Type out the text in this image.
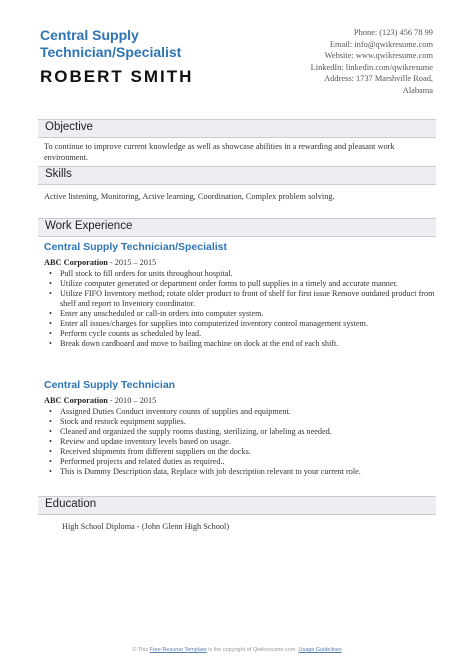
Central Supply
Technician/Specialist
ROBERT SMITH
Phone: (123) 456 78 99
Email: info@qwikresume.com
Website: www.qwikresume.com
LinkedIn: linkedin.com/qwikresume
Address: 1737 Marshville Road,
Alabama
Objective
To continue to improve current knowledge as well as showcase abilities in a rewarding and pleasant work environment.
Skills
Active listening, Monitoring, Active learning, Coordination, Complex problem solving.
Work Experience
Central Supply Technician/Specialist
ABC Corporation - 2015 – 2015
• Pull stock to fill orders for units throughout hospital.
• Utilize computer generated or department order forms to pull supplies in a timely and accurate manner.
• Utilize FIFO Inventory method; rotate older product to front of shelf for first issue Remove outdated product from shelf and report to Inventory coordinator.
• Enter any unscheduled or call-in orders into computer system.
• Enter all issues/charges for supplies into computerized inventory control management system.
• Perform cycle counts as scheduled by lead.
• Break down cardboard and move to bailing machine on dock at the end of each shift.
Central Supply Technician
ABC Corporation - 2010 – 2015
• Assigned Duties Conduct inventory counts of supplies and equipment.
• Stock and restock equipment supplies.
• Cleaned and organized the supply rooms dusting, sterilizing, or labeling as needed.
• Review and update inventory levels based on usage.
• Received shipments from different suppliers on the docks.
• Performed projects and related duties as required..
• This is Dummy Description data, Replace with job description relevant to your current role.
Education
High School Diploma - (John Glenn High School)
© This Free Resume Template is the copyright of Qwikresume.com. Usage Guidelines
